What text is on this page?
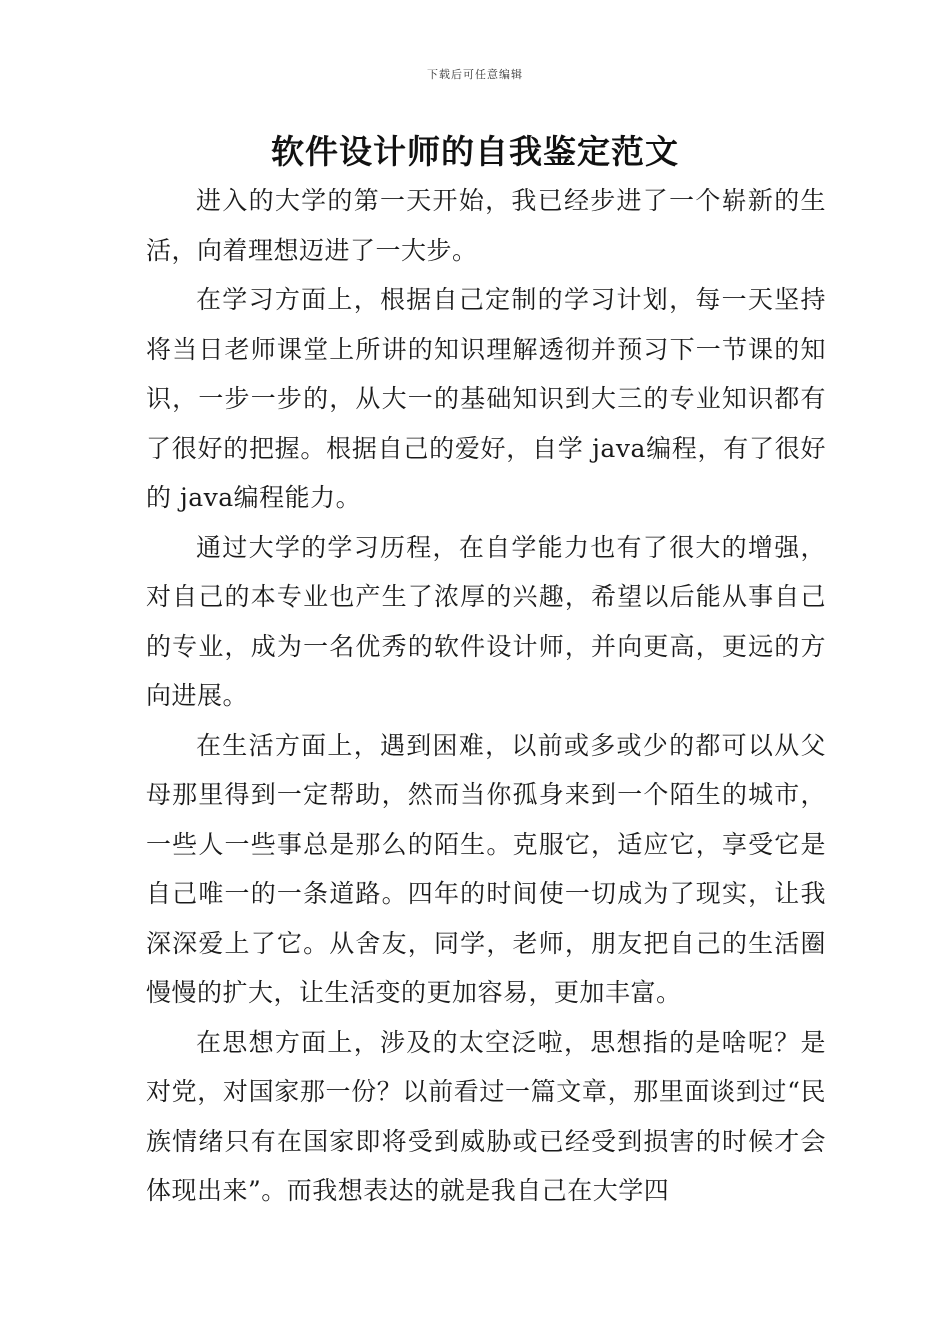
下载后可任意编辑
软件设计师的自我鉴定范文

进入的大学的第一天开始，我已经步进了一个崭新的生活，向着理想迈进了一大步。

在学习方面上，根据自己定制的学习计划，每一天坚持将当日老师课堂上所讲的知识理解透彻并预习下一节课的知识，一步一步的，从大一的基础知识到大三的专业知识都有了很好的把握。根据自己的爱好，自学 java编程，有了很好的 java编程能力。

通过大学的学习历程，在自学能力也有了很大的增强，对自己的本专业也产生了浓厚的兴趣，希望以后能从事自己的专业，成为一名优秀的软件设计师，并向更高，更远的方向进展。

在生活方面上，遇到困难，以前或多或少的都可以从父母那里得到一定帮助，然而当你孤身来到一个陌生的城市，一些人一些事总是那么的陌生。克服它，适应它，享受它是自己唯一的一条道路。四年的时间使一切成为了现实，让我深深爱上了它。从舍友，同学，老师，朋友把自己的生活圈慢慢的扩大，让生活变的更加容易，更加丰富。

在思想方面上，涉及的太空泛啦，思想指的是啥呢？是对党，对国家那一份？以前看过一篇文章，那里面谈到过“民族情绪只有在国家即将受到威胁或已经受到损害的时候才会体现出来”。而我想表达的就是我自己在大学四
